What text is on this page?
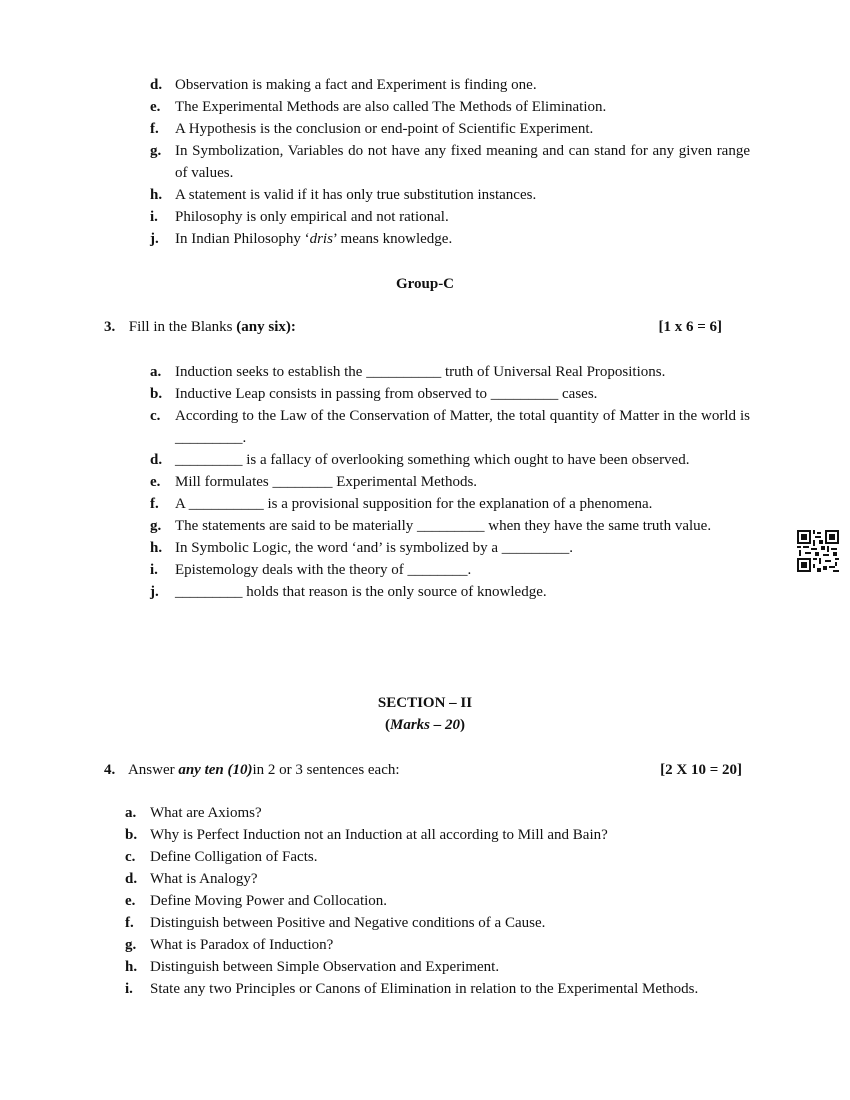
d. Observation is making a fact and Experiment is finding one.
e. The Experimental Methods are also called The Methods of Elimination.
f.	A Hypothesis is the conclusion or end-point of Scientific Experiment.
g. In Symbolization, Variables do not have any fixed meaning and can stand for any given range of values.
h. A statement is valid if it has only true substitution instances.
i.	Philosophy is only empirical and not rational.
j.	In Indian Philosophy ‘dris’ means knowledge.
Group-C
3. Fill in the Blanks (any six):	[1 x 6 = 6]
a. Induction seeks to establish the __________ truth of Universal Real Propositions.
b. Inductive Leap consists in passing from observed to _________ cases.
c. According to the Law of the Conservation of Matter, the total quantity of Matter in the world is _________.
d. _________ is a fallacy of overlooking something which ought to have been observed.
e. Mill formulates ________ Experimental Methods.
f.	A __________ is a provisional supposition for the explanation of a phenomena.
g. The statements are said to be materially _________ when they have the same truth value.
h. In Symbolic Logic, the word ‘and’ is symbolized by a _________.
i.	Epistemology deals with the theory of ________.
j.	_________ holds that reason is the only source of knowledge.
SECTION – II
(Marks – 20)
4. Answer any ten (10)in 2 or 3 sentences each:	[2 X 10 = 20]
a. What are Axioms?
b. Why is Perfect Induction not an Induction at all according to Mill and Bain?
c. Define Colligation of Facts.
d. What is Analogy?
e. Define Moving Power and Collocation.
f.	Distinguish between Positive and Negative conditions of a Cause.
g. What is Paradox of Induction?
h. Distinguish between Simple Observation and Experiment.
i.	State any two Principles or Canons of Elimination in relation to the Experimental Methods.
